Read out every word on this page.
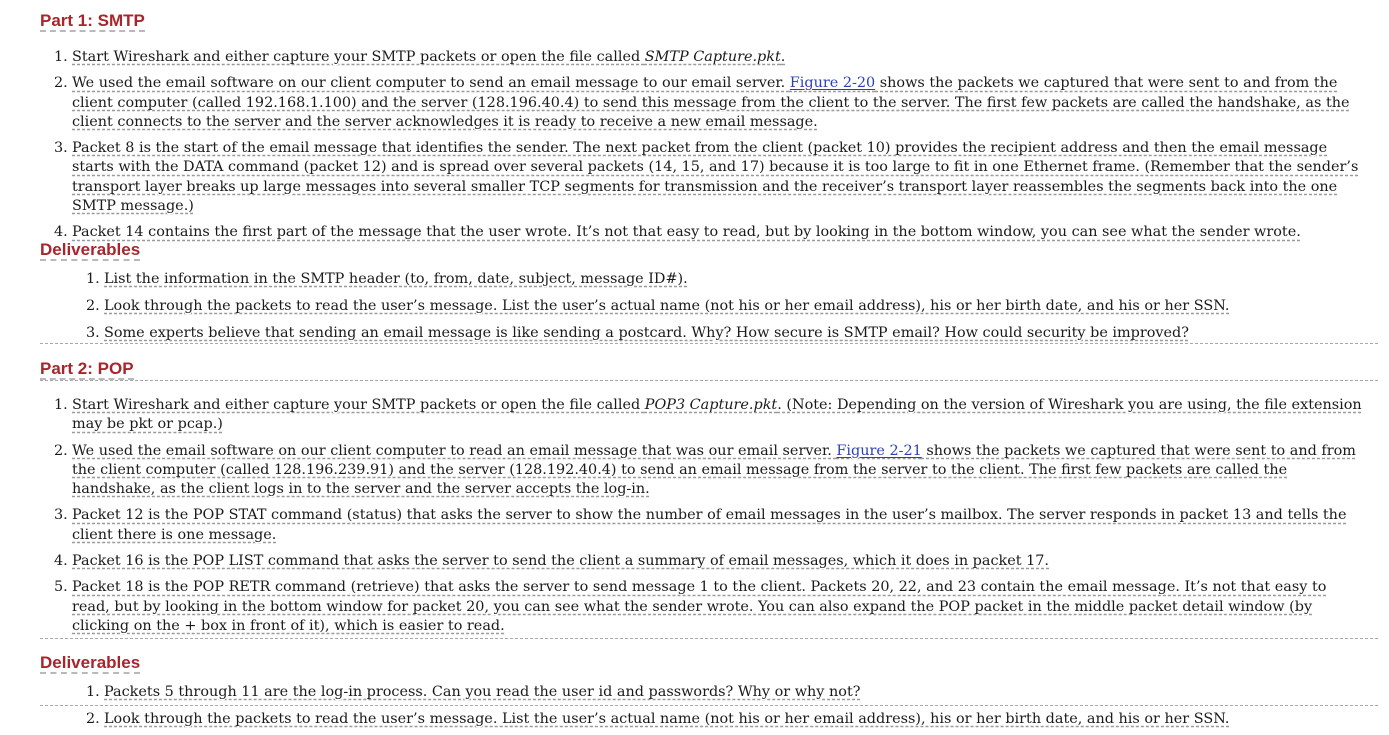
Part 1: SMTP
1. Start Wireshark and either capture your SMTP packets or open the file called SMTP Capture.pkt.
2. We used the email software on our client computer to send an email message to our email server. Figure 2-20 shows the packets we captured that were sent to and from the client computer (called 192.168.1.100) and the server (128.196.40.4) to send this message from the client to the server. The first few packets are called the handshake, as the client connects to the server and the server acknowledges it is ready to receive a new email message.
3. Packet 8 is the start of the email message that identifies the sender. The next packet from the client (packet 10) provides the recipient address and then the email message starts with the DATA command (packet 12) and is spread over several packets (14, 15, and 17) because it is too large to fit in one Ethernet frame. (Remember that the sender’s transport layer breaks up large messages into several smaller TCP segments for transmission and the receiver’s transport layer reassembles the segments back into the one SMTP message.)
4. Packet 14 contains the first part of the message that the user wrote. It’s not that easy to read, but by looking in the bottom window, you can see what the sender wrote.
Deliverables
1. List the information in the SMTP header (to, from, date, subject, message ID#).
2. Look through the packets to read the user’s message. List the user’s actual name (not his or her email address), his or her birth date, and his or her SSN.
3. Some experts believe that sending an email message is like sending a postcard. Why? How secure is SMTP email? How could security be improved?
Part 2: POP
1. Start Wireshark and either capture your SMTP packets or open the file called POP3 Capture.pkt. (Note: Depending on the version of Wireshark you are using, the file extension may be pkt or pcap.)
2. We used the email software on our client computer to read an email message that was our email server. Figure 2-21 shows the packets we captured that were sent to and from the client computer (called 128.196.239.91) and the server (128.192.40.4) to send an email message from the server to the client. The first few packets are called the handshake, as the client logs in to the server and the server accepts the log-in.
3. Packet 12 is the POP STAT command (status) that asks the server to show the number of email messages in the user’s mailbox. The server responds in packet 13 and tells the client there is one message.
4. Packet 16 is the POP LIST command that asks the server to send the client a summary of email messages, which it does in packet 17.
5. Packet 18 is the POP RETR command (retrieve) that asks the server to send message 1 to the client. Packets 20, 22, and 23 contain the email message. It’s not that easy to read, but by looking in the bottom window for packet 20, you can see what the sender wrote. You can also expand the POP packet in the middle packet detail window (by clicking on the + box in front of it), which is easier to read.
Deliverables
1. Packets 5 through 11 are the log-in process. Can you read the user id and passwords? Why or why not?
2. Look through the packets to read the user’s message. List the user’s actual name (not his or her email address), his or her birth date, and his or her SSN.
